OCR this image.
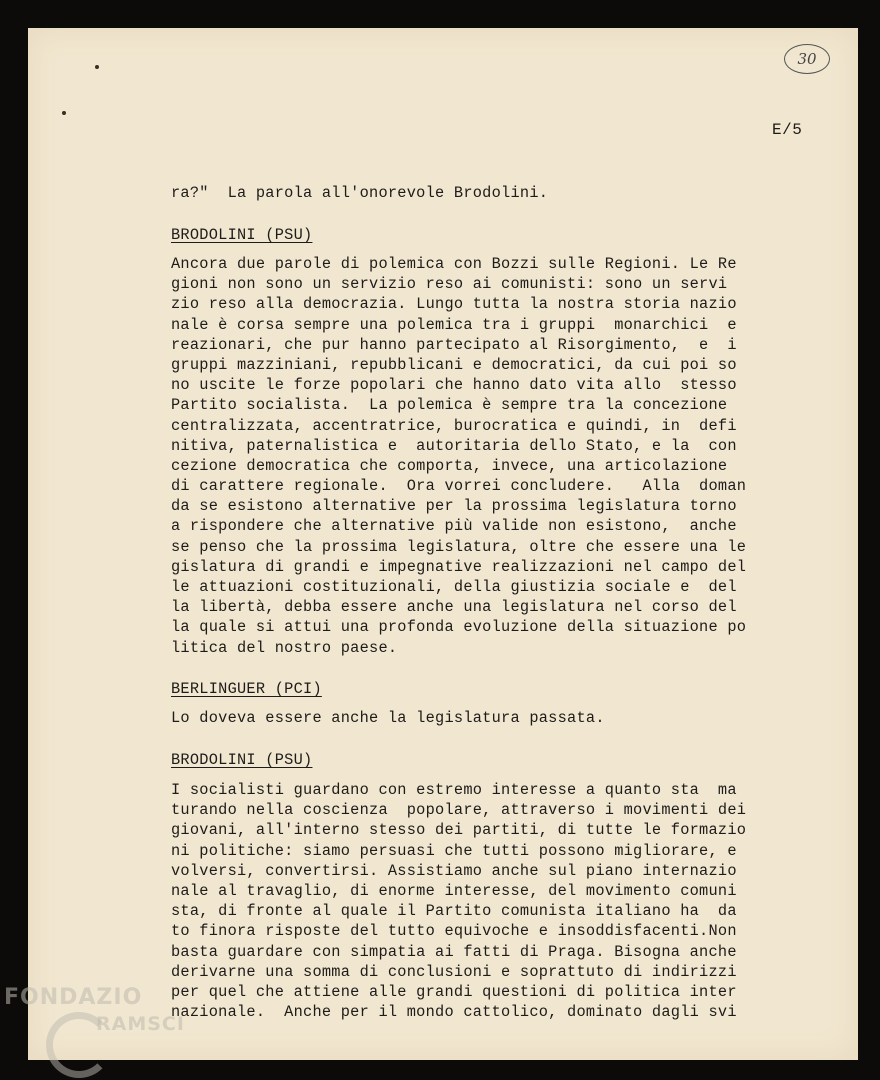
30
E/5
ra?"  La parola all'onorevole Brodolini.
BRODOLINI (PSU)
Ancora due parole di polemica con Bozzi sulle Regioni. Le Re
gioni non sono un servizio reso ai comunisti: sono un servi
zio reso alla democrazia. Lungo tutta la nostra storia nazio
nale è corsa sempre una polemica tra i gruppi  monarchici  e
reazionari, che pur hanno partecipato al Risorgimento,  e  i
gruppi mazziniani, repubblicani e democratici, da cui poi so
no uscite le forze popolari che hanno dato vita allo  stesso
Partito socialista.  La polemica è sempre tra la concezione
centralizzata, accentratrice, burocratica e quindi, in  defi
nitiva, paternalistica e  autoritaria dello Stato, e la  con
cezione democratica che comporta, invece, una articolazione
di carattere regionale.  Ora vorrei concludere.   Alla  doman
da se esistono alternative per la prossima legislatura torno
a rispondere che alternative più valide non esistono,  anche
se penso che la prossima legislatura, oltre che essere una le
gislatura di grandi e impegnative realizzazioni nel campo del
le attuazioni costituzionali, della giustizia sociale e  del
la libertà, debba essere anche una legislatura nel corso del
la quale si attui una profonda evoluzione della situazione po
litica del nostro paese.
BERLINGUER (PCI)
Lo doveva essere anche la legislatura passata.
BRODOLINI (PSU)
I socialisti guardano con estremo interesse a quanto sta  ma
turando nella coscienza  popolare, attraverso i movimenti dei
giovani, all'interno stesso dei partiti, di tutte le formazio
ni politiche: siamo persuasi che tutti possono migliorare, e
volversi, convertirsi. Assistiamo anche sul piano internazio
nale al travaglio, di enorme interesse, del movimento comuni
sta, di fronte al quale il Partito comunista italiano ha  da
to finora risposte del tutto equivoche e insoddisfacenti.Non
basta guardare con simpatia ai fatti di Praga. Bisogna anche
derivarne una somma di conclusioni e soprattuto di indirizzi
per quel che attiene alle grandi questioni di politica inter
nazionale.  Anche per il mondo cattolico, dominato dagli svi
FONDAZIO
RAMSCI
